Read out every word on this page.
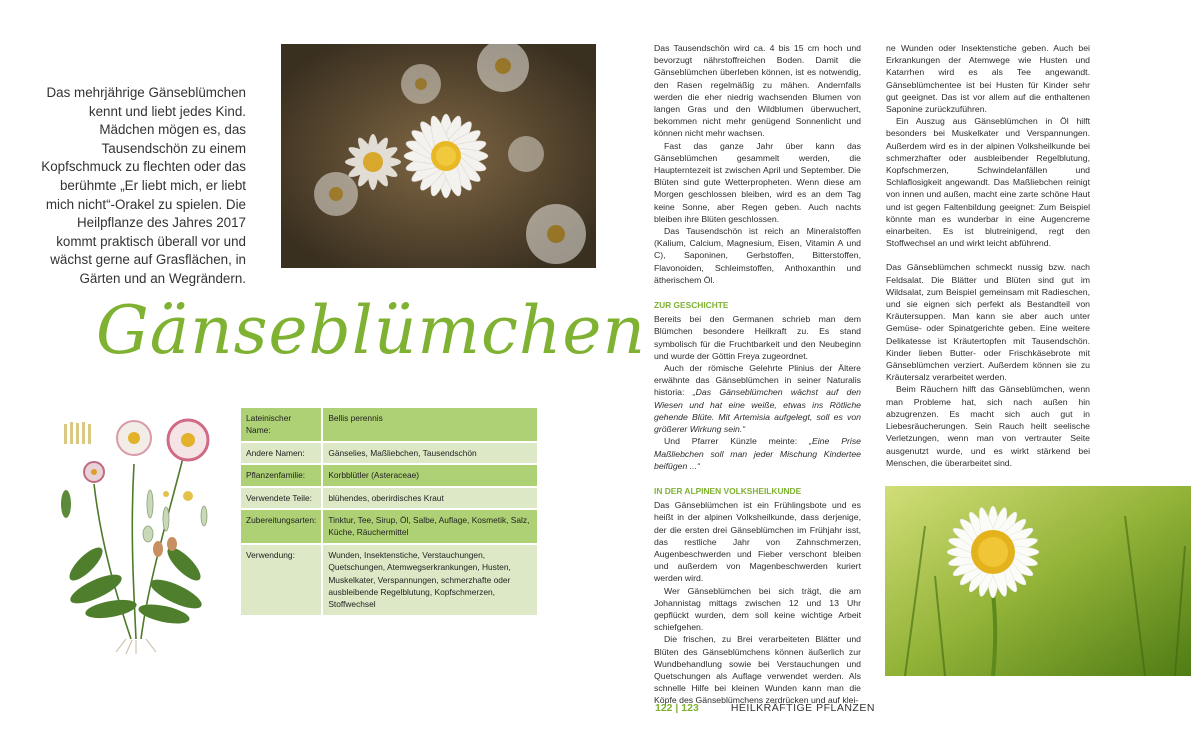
Das mehrjährige Gänseblümchen kennt und liebt jedes Kind. Mädchen mögen es, das Tausendschön zu einem Kopfschmuck zu flechten oder das berühmte „Er liebt mich, er liebt mich nicht“-Orakel zu spielen. Die Heilpflanze des Jahres 2017 kommt praktisch überall vor und wächst gerne auf Grasflächen, in Gärten und an Wegrändern.
Gänseblümchen
Lateinischer Name:	Bellis perennis
Andere Namen:	Gänselies, Maßliebchen, Tausendschön
Pflanzenfamilie:	Korbblütler (Asteraceae)
Verwendete Teile:	blühendes, oberirdisches Kraut
Zubereitungsarten:	Tinktur, Tee, Sirup, Öl, Salbe, Auflage, Kosmetik, Salz, Küche, Räuchermittel
Verwendung:	Wunden, Insektenstiche, Verstauchungen, Quetschungen, Atemwegserkrankungen, Husten, Muskelkater, Verspannungen, schmerzhafte oder ausbleibende Regelblutung, Kopfschmerzen, Stoffwechsel

Das Tausendschön wird ca. 4 bis 15 cm hoch und bevorzugt nährstoffreichen Boden. Damit die Gänseblümchen überleben können, ist es notwendig, den Rasen regelmäßig zu mähen. Andernfalls werden die eher niedrig wachsenden Blumen von langen Gras und den Wildblumen überwuchert, bekommen nicht mehr genügend Sonnenlicht und können nicht mehr wachsen.

Fast das ganze Jahr über kann das Gänseblümchen gesammelt werden, die Haupterntezeit ist zwischen April und September. Die Blüten sind gute Wetterpropheten. Wenn diese am Morgen geschlossen bleiben, wird es an dem Tag keine Sonne, aber Regen geben. Auch nachts bleiben ihre Blüten geschlossen.

Das Tausendschön ist reich an Mineralstoffen (Kalium, Calcium, Magnesium, Eisen, Vitamin A und C), Saponinen, Gerbstoffen, Bitterstoffen, Flavonoiden, Schleimstoffen, Anthoxanthin und ätherischem Öl.

ZUR GESCHICHTE

Bereits bei den Germanen schrieb man dem Blümchen besondere Heilkraft zu. Es stand symbolisch für die Fruchtbarkeit und den Neubeginn und wurde der Göttin Freya zugeordnet.

Auch der römische Gelehrte Plinius der Ältere erwähnte das Gänseblümchen in seiner Naturalis historia: „Das Gänseblümchen wächst auf den Wiesen und hat eine weiße, etwas ins Rötliche gehende Blüte. Mit Artemisia aufgelegt, soll es von größerer Wirkung sein.“

Und Pfarrer Künzle meinte: „Eine Prise Maßliebchen soll man jeder Mischung Kindertee beifügen ...“

IN DER ALPINEN VOLKSHEILKUNDE

Das Gänseblümchen ist ein Frühlingsbote und es heißt in der alpinen Volksheilkunde, dass derjenige, der die ersten drei Gänseblümchen im Frühjahr isst, das restliche Jahr von Zahnschmerzen, Augenbeschwerden und Fieber verschont bleiben und außerdem von Magenbeschwerden kuriert werden wird.

Wer Gänseblümchen bei sich trägt, die am Johannistag mittags zwischen 12 und 13 Uhr gepflückt wurden, dem soll keine wichtige Arbeit schiefgehen.

Die frischen, zu Brei verarbeiteten Blätter und Blüten des Gänseblümchens können äußerlich zur Wundbehandlung sowie bei Verstauchungen und Quetschungen als Auflage verwendet werden. Als schnelle Hilfe bei kleinen Wunden kann man die Köpfe des Gänseblümchens zerdrücken und auf klei-

ne Wunden oder Insektenstiche geben. Auch bei Erkrankungen der Atemwege wie Husten und Katarrhen wird es als Tee angewandt. Gänseblümchentee ist bei Husten für Kinder sehr gut geeignet. Das ist vor allem auf die enthaltenen Saponine zurückzuführen.

Ein Auszug aus Gänseblümchen in Öl hilft besonders bei Muskelkater und Verspannungen. Außerdem wird es in der alpinen Volksheilkunde bei schmerzhafter oder ausbleibender Regelblutung, Kopfschmerzen, Schwindelanfällen und Schlaflosigkeit angewandt. Das Maßliebchen reinigt von innen und außen, macht eine zarte schöne Haut und ist gegen Faltenbildung geeignet: Zum Beispiel könnte man es wunderbar in eine Augencreme einarbeiten. Es ist blutreinigend, regt den Stoffwechsel an und wirkt leicht abführend.

Das Gänseblümchen schmeckt nussig bzw. nach Feldsalat. Die Blätter und Blüten sind gut im Wildsalat, zum Beispiel gemeinsam mit Radieschen, und sie eignen sich perfekt als Bestandteil von Kräutersuppen. Man kann sie aber auch unter Gemüse- oder Spinatgerichte geben. Eine weitere Delikatesse ist Kräutertopfen mit Tausendschön. Kinder lieben Butter- oder Frischkäsebrote mit Gänseblümchen verziert. Außerdem können sie zu Kräutersalz verarbeitet werden.

Beim Räuchern hilft das Gänseblümchen, wenn man Probleme hat, sich nach außen hin abzugrenzen. Es macht sich auch gut in Liebesräucherungen. Sein Rauch heilt seelische Verletzungen, wenn man von vertrauter Seite ausgenutzt wurde, und es wirkt stärkend bei Menschen, die überarbeitet sind.

122 | 123	HEILKRÄFTIGE PFLANZEN
